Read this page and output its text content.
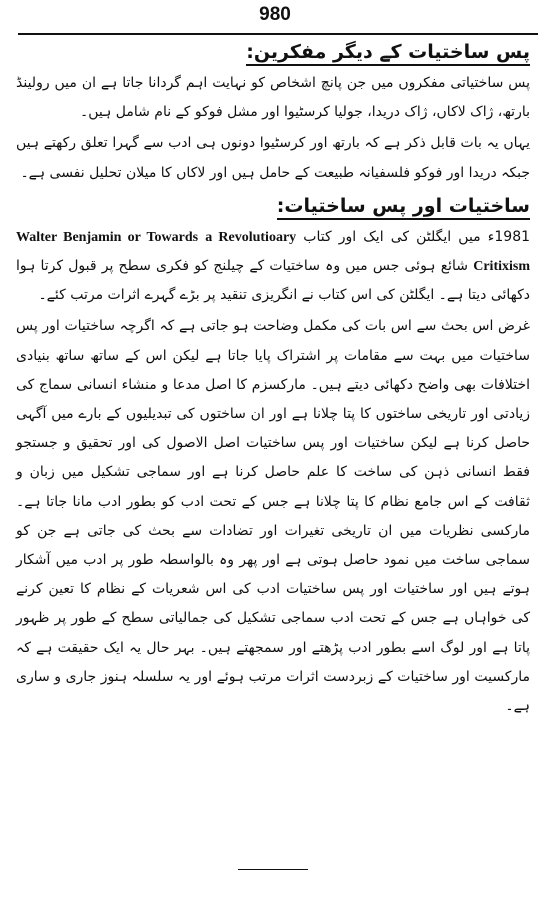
980
پس ساختیات کے دیگر مفکرین:

پس ساختیاتی مفکروں میں جن پانچ اشخاص کو نہایت اہم گردانا جاتا ہے ان میں رولینڈ بارتھ، ژاک لاکاں، ژاک دریدا، جولیا کرسٹیوا اور مشل فوکو کے نام شامل ہیں۔

یہاں یہ بات قابل ذکر ہے کہ بارتھ اور کرسٹیوا دونوں ہی ادب سے گہرا تعلق رکھتے ہیں جبکہ دریدا اور فوکو فلسفیانہ طبیعت کے حامل ہیں اور لاکاں کا میلان تحلیل نفسی ہے۔

ساختیات اور پس ساختیات:

1981ء میں ایگلٹن کی ایک اور کتاب Walter Benjamin or Towards a Revolutioary Critixism شائع ہوئی جس میں وہ ساختیات کے چیلنج کو فکری سطح پر قبول کرتا ہوا دکھائی دیتا ہے۔ ایگلٹن کی اس کتاب نے انگریزی تنقید پر بڑے گہرے اثرات مرتب کئے۔

غرض اس بحث سے اس بات کی مکمل وضاحت ہو جاتی ہے کہ اگرچہ ساختیات اور پس ساختیات میں بہت سے مقامات پر اشتراک پایا جاتا ہے لیکن اس کے ساتھ ساتھ بنیادی اختلافات بھی واضح دکھائی دیتے ہیں۔ مارکسزم کا اصل مدعا و منشاء انسانی سماج کی زیادتی اور تاریخی ساختوں کا پتا چلانا ہے اور ان ساختوں کی تبدیلیوں کے بارے میں آگہی حاصل کرنا ہے لیکن ساختیات اور پس ساختیات اصل الاصول کی اور تحقیق و جستجو فقط انسانی ذہن کی ساخت کا علم حاصل کرنا ہے اور سماجی تشکیل میں زبان و ثقافت کے اس جامع نظام کا پتا چلانا ہے جس کے تحت ادب کو بطور ادب مانا جاتا ہے۔ مارکسی نظریات میں ان تاریخی تغیرات اور تضادات سے بحث کی جاتی ہے جن کو سماجی ساخت میں نمود حاصل ہوتی ہے اور پھر وہ بالواسطہ طور پر ادب میں آشکار ہوتے ہیں اور ساختیات اور پس ساختیات ادب کی اس شعریات کے نظام کا تعین کرنے کی خواہاں ہے جس کے تحت ادب سماجی تشکیل کی جمالیاتی سطح کے طور پر ظہور پاتا ہے اور لوگ اسے بطور ادب پڑھتے اور سمجھتے ہیں۔ بہر حال یہ ایک حقیقت ہے کہ مارکسیت اور ساختیات کے زبردست اثرات مرتب ہوئے اور یہ سلسلہ ہنوز جاری و ساری ہے۔
